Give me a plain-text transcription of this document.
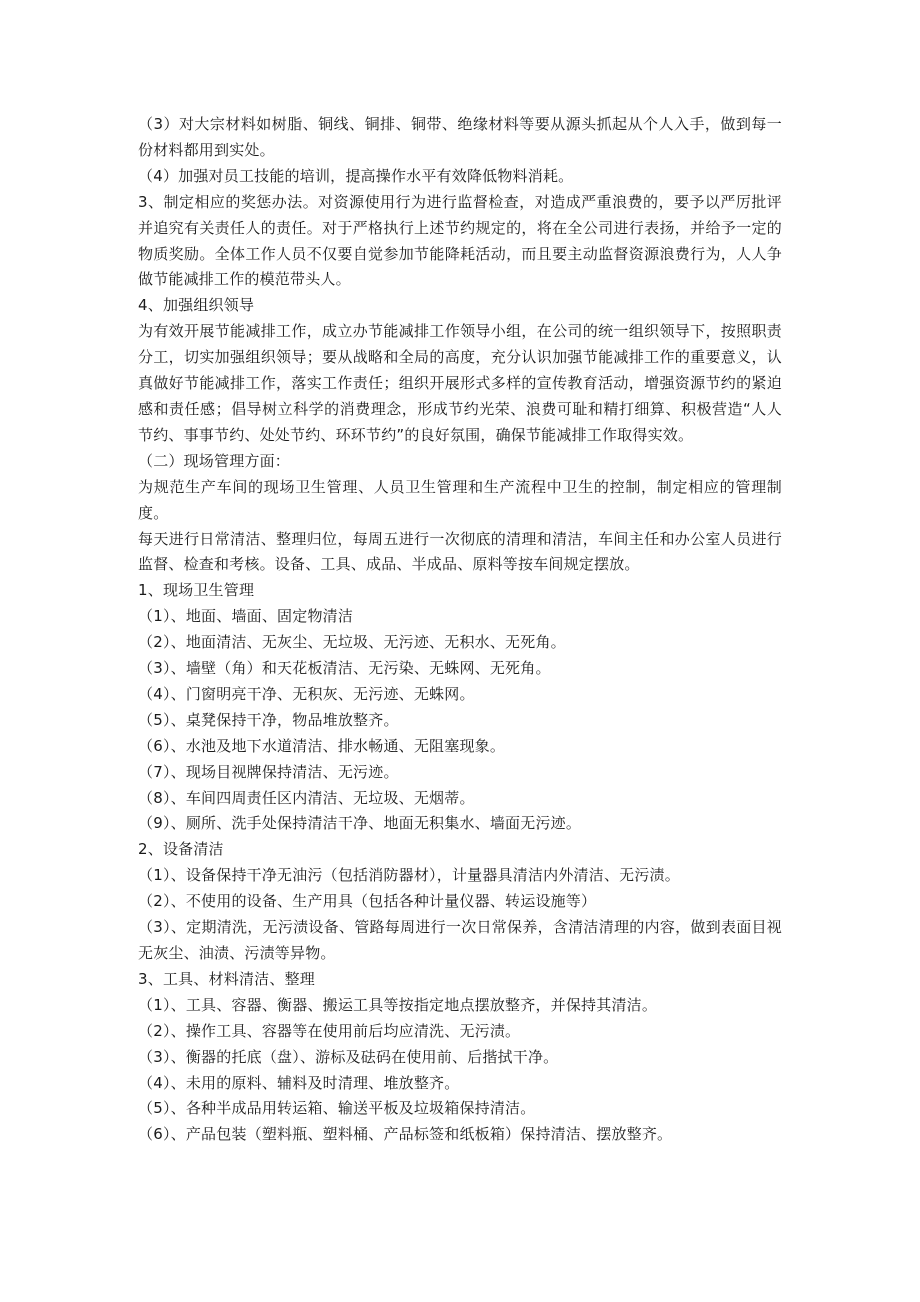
（3）对大宗材料如树脂、铜线、铜排、铜带、绝缘材料等要从源头抓起从个人入手，做到每一份材料都用到实处。

（4）加强对员工技能的培训，提高操作水平有效降低物料消耗。

3、制定相应的奖惩办法。对资源使用行为进行监督检查，对造成严重浪费的，要予以严厉批评并追究有关责任人的责任。对于严格执行上述节约规定的，将在全公司进行表扬，并给予一定的物质奖励。全体工作人员不仅要自觉参加节能降耗活动，而且要主动监督资源浪费行为，人人争做节能减排工作的模范带头人。

4、加强组织领导

为有效开展节能减排工作，成立办节能减排工作领导小组，在公司的统一组织领导下，按照职责分工，切实加强组织领导；要从战略和全局的高度，充分认识加强节能减排工作的重要意义，认真做好节能减排工作，落实工作责任；组织开展形式多样的宣传教育活动，增强资源节约的紧迫感和责任感；倡导树立科学的消费理念，形成节约光荣、浪费可耻和精打细算、积极营造“人人节约、事事节约、处处节约、环环节约”的良好氛围，确保节能减排工作取得实效。

（二）现场管理方面：

为规范生产车间的现场卫生管理、人员卫生管理和生产流程中卫生的控制，制定相应的管理制度。

每天进行日常清洁、整理归位，每周五进行一次彻底的清理和清洁，车间主任和办公室人员进行监督、检查和考核。设备、工具、成品、半成品、原料等按车间规定摆放。

1、现场卫生管理

（1）、地面、墙面、固定物清洁

（2）、地面清洁、无灰尘、无垃圾、无污迹、无积水、无死角。

（3）、墙壁（角）和天花板清洁、无污染、无蛛网、无死角。

（4）、门窗明亮干净、无积灰、无污迹、无蛛网。

（5）、桌凳保持干净，物品堆放整齐。

（6）、水池及地下水道清洁、排水畅通、无阻塞现象。

（7）、现场目视牌保持清洁、无污迹。

（8）、车间四周责任区内清洁、无垃圾、无烟蒂。

（9）、厕所、洗手处保持清洁干净、地面无积集水、墙面无污迹。

2、设备清洁

（1）、设备保持干净无油污（包括消防器材），计量器具清洁内外清洁、无污渍。

（2）、不使用的设备、生产用具（包括各种计量仪器、转运设施等）

（3）、定期清洗，无污渍设备、管路每周进行一次日常保养，含清洁清理的内容，做到表面目视无灰尘、油渍、污渍等异物。

3、工具、材料清洁、整理

（1）、工具、容器、衡器、搬运工具等按指定地点摆放整齐，并保持其清洁。

（2）、操作工具、容器等在使用前后均应清洗、无污渍。

（3）、衡器的托底（盘）、游标及砝码在使用前、后揩拭干净。

（4）、未用的原料、辅料及时清理、堆放整齐。

（5）、各种半成品用转运箱、输送平板及垃圾箱保持清洁。

（6）、产品包装（塑料瓶、塑料桶、产品标签和纸板箱）保持清洁、摆放整齐。
